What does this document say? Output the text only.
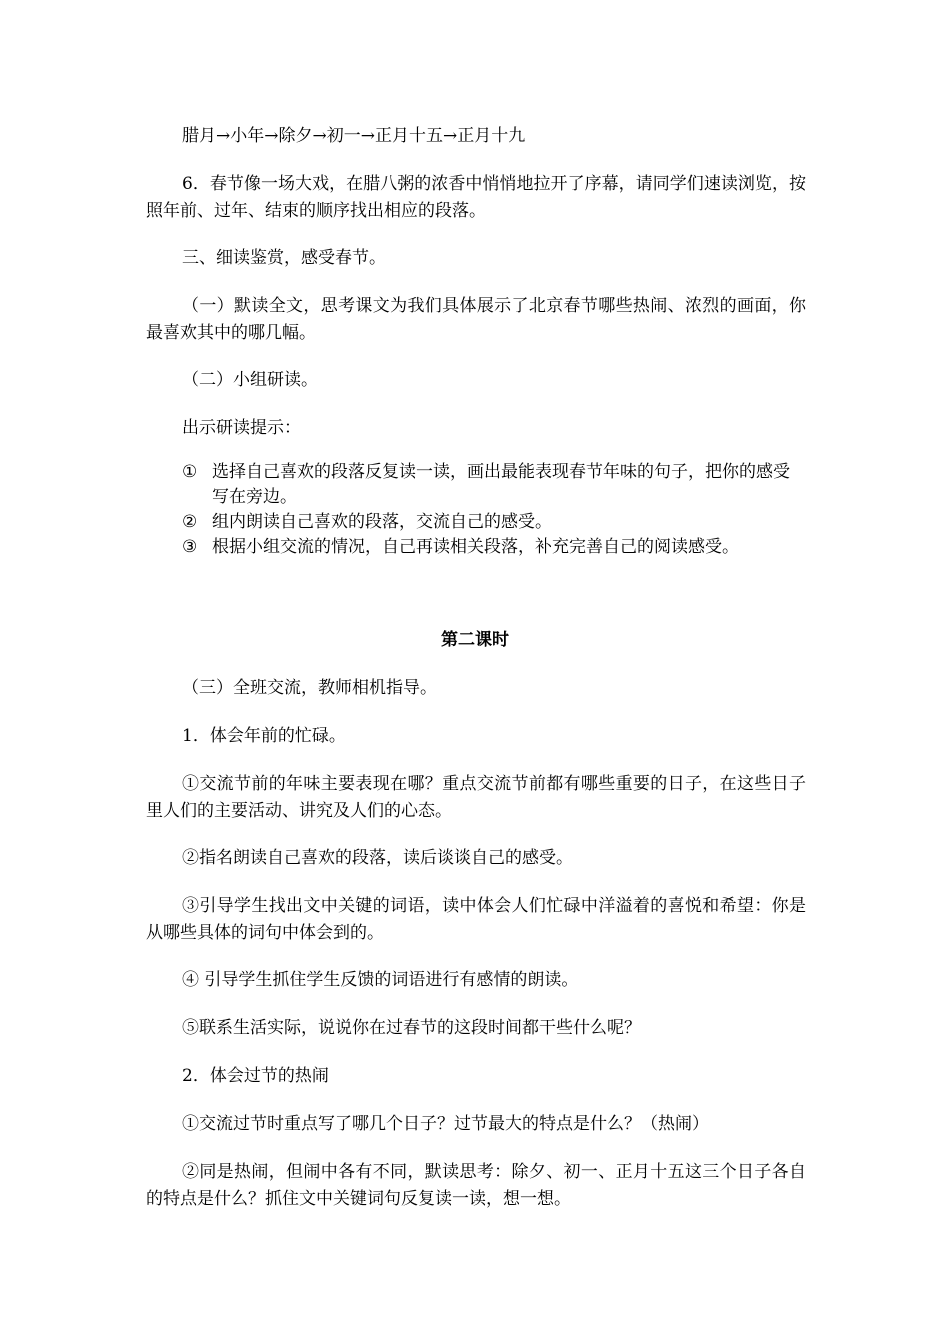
腊月→小年→除夕→初一→正月十五→正月十九

6．春节像一场大戏，在腊八粥的浓香中悄悄地拉开了序幕，请同学们速读浏览，按照年前、过年、结束的顺序找出相应的段落。

三、细读鉴赏，感受春节。

（一）默读全文，思考课文为我们具体展示了北京春节哪些热闹、浓烈的画面，你最喜欢其中的哪几幅。

（二）小组研读。

出示研读提示：

① 选择自己喜欢的段落反复读一读，画出最能表现春节年味的句子，把你的感受写在旁边。
② 组内朗读自己喜欢的段落，交流自己的感受。
③ 根据小组交流的情况，自己再读相关段落，补充完善自己的阅读感受。
第二课时

（三）全班交流，教师相机指导。

1．体会年前的忙碌。

①交流节前的年味主要表现在哪？重点交流节前都有哪些重要的日子，在这些日子里人们的主要活动、讲究及人们的心态。

②指名朗读自己喜欢的段落，读后谈谈自己的感受。

③引导学生找出文中关键的词语，读中体会人们忙碌中洋溢着的喜悦和希望：你是从哪些具体的词句中体会到的。

④ 引导学生抓住学生反馈的词语进行有感情的朗读。

⑤联系生活实际，说说你在过春节的这段时间都干些什么呢？

2．体会过节的热闹

①交流过节时重点写了哪几个日子？过节最大的特点是什么？（热闹）

②同是热闹，但闹中各有不同，默读思考：除夕、初一、正月十五这三个日子各自的特点是什么？抓住文中关键词句反复读一读，想一想。
